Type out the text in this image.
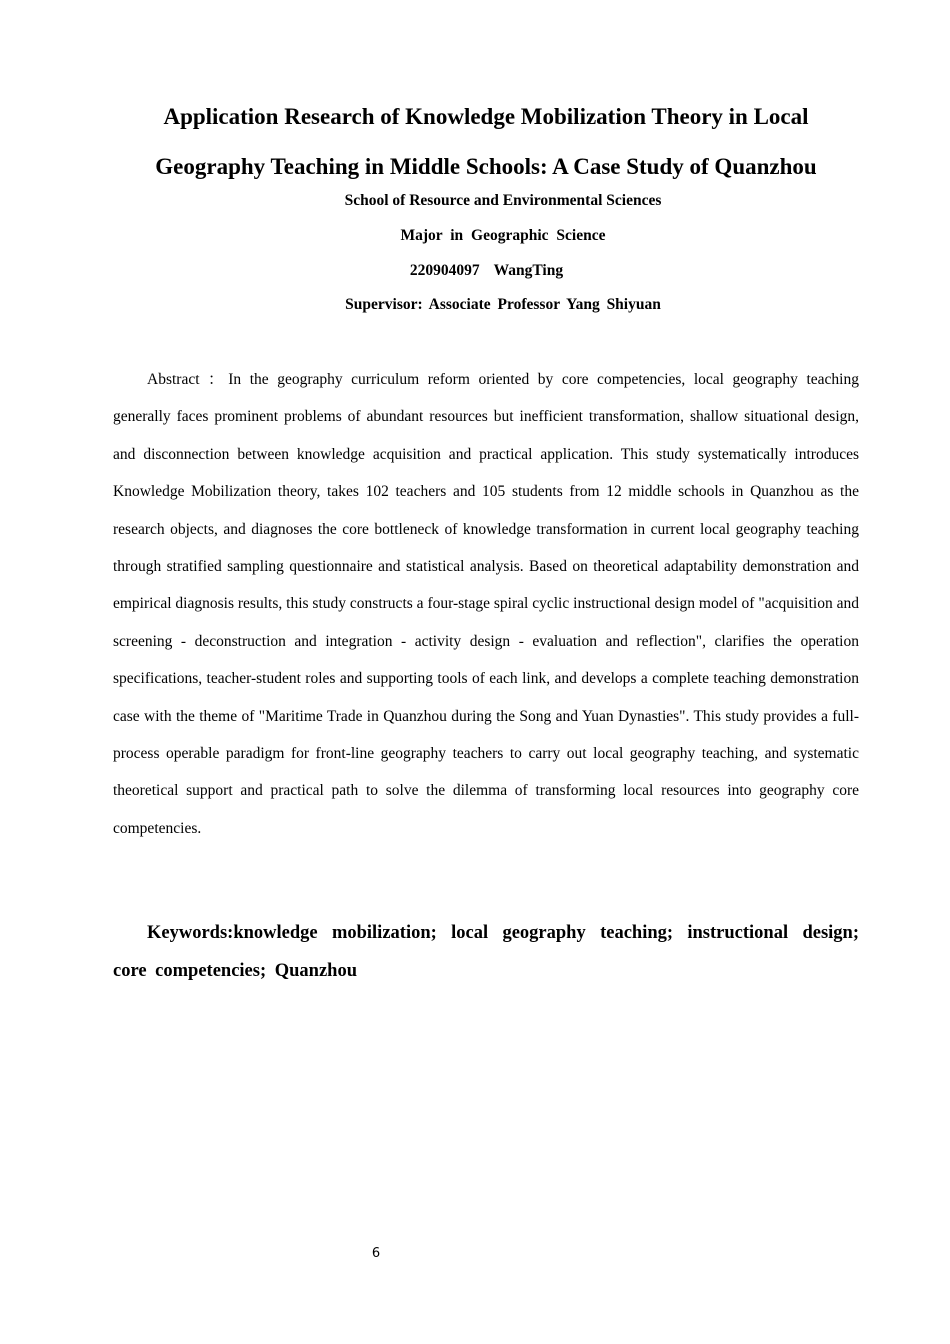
Application Research of Knowledge Mobilization Theory in Local Geography Teaching in Middle Schools: A Case Study of Quanzhou

School of Resource and Environmental Sciences

Major in Geographic Science

220904097 WangTing

Supervisor: Associate Professor Yang Shiyuan

Abstract ：In the geography curriculum reform oriented by core competencies, local geography teaching generally faces prominent problems of abundant resources but inefficient transformation, shallow situational design, and disconnection between knowledge acquisition and practical application. This study systematically introduces Knowledge Mobilization theory, takes 102 teachers and 105 students from 12 middle schools in Quanzhou as the research objects, and diagnoses the core bottleneck of knowledge transformation in current local geography teaching through stratified sampling questionnaire and statistical analysis. Based on theoretical adaptability demonstration and empirical diagnosis results, this study constructs a four-stage spiral cyclic instructional design model of "acquisition and screening - deconstruction and integration - activity design - evaluation and reflection", clarifies the operation specifications, teacher-student roles and supporting tools of each link, and develops a complete teaching demonstration case with the theme of "Maritime Trade in Quanzhou during the Song and Yuan Dynasties". This study provides a full-process operable paradigm for front-line geography teachers to carry out local geography teaching, and systematic theoretical support and practical path to solve the dilemma of transforming local resources into geography core competencies.

Keywords:knowledge mobilization; local geography teaching; instructional design; core competencies; Quanzhou

6
